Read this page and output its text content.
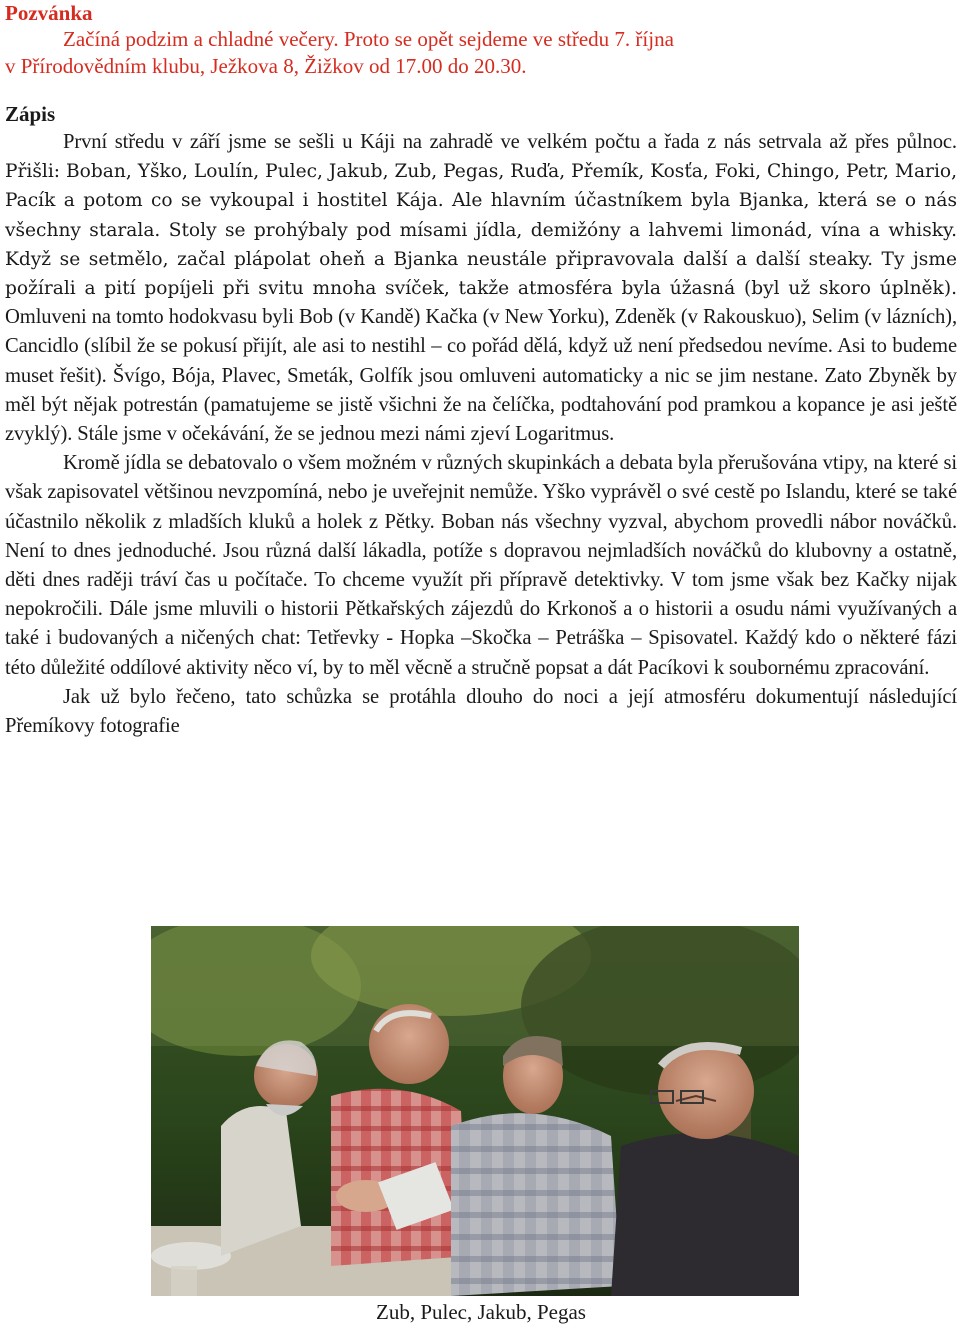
Pozvánka

Začíná podzim a chladné večery. Proto se opět sejdeme ve středu 7. října

v Přírodovědním klubu, Ježkova 8, Žižkov od 17.00 do 20.30.

Zápis

První středu v září jsme se sešli u Káji na zahradě ve velkém počtu a řada z nás setrvala až přes půlnoc. Přišli: Boban, Yško, Loulín, Pulec, Jakub, Zub, Pegas, Ruďa, Přemík, Kosťa, Foki, Chingo, Petr, Mario, Pacík a potom co se vykoupal i hostitel Kája. Ale hlavním účastníkem byla Bjanka, která se o nás všechny starala. Stoly se prohýbaly pod mísami jídla, demižóny a lahvemi limonád, vína a whisky. Když se setmělo, začal plápolat oheň a Bjanka neustále připravovala další a další steaky. Ty jsme požírali a pití popíjeli při svitu mnoha svíček, takže atmosféra byla úžasná (byl už skoro úplněk). Omluveni na tomto hodokvasu byli Bob (v Kandě) Kačka (v New Yorku), Zdeněk (v Rakouskuo), Selim (v lázních), Cancidlo (slíbil že se pokusí přijít, ale asi to nestihl – co pořád dělá, když už není předsedou nevíme. Asi to budeme muset řešit). Švígo, Bója, Plavec, Smeták, Golfík jsou omluveni automaticky a nic se jim nestane. Zato Zbyněk by měl být nějak potrestán (pamatujeme se jistě všichni že na čelíčka, podtahování pod pramkou a kopance je asi ještě zvyklý). Stále jsme v očekávání, že se jednou mezi námi zjeví Logaritmus.

Kromě jídla se debatovalo o všem možném v různých skupinkách a debata byla přerušována vtipy, na které si však zapisovatel většinou nevzpomíná, nebo je uveřejnit nemůže. Yško vyprávěl o své cestě po Islandu, které se také účastnilo několik z mladších kluků a holek z Pětky. Boban nás všechny vyzval, abychom provedli nábor nováčků. Není to dnes jednoduché. Jsou různá další lákadla, potíže s dopravou nejmladších nováčků do klubovny a ostatně, děti dnes raději tráví čas u počítače. To chceme využít při přípravě detektivky. V tom jsme však bez Kačky nijak nepokročili. Dále jsme mluvili o historii Pětkařských zájezdů do Krkonoš a o historii a osudu námi využívaných a také i budovaných a ničených chat: Tetřevky - Hopka –Skočka – Petráška – Spisovatel. Každý kdo o některé fázi této důležité oddílové aktivity něco ví, by to měl věcně a stručně popsat a dát Pacíkovi k soubornému zpracování.

Jak už bylo řečeno, tato schůzka se protáhla dlouho do noci a její atmosféru dokumentují následující Přemíkovy fotografie

Zub, Pulec, Jakub, Pegas
